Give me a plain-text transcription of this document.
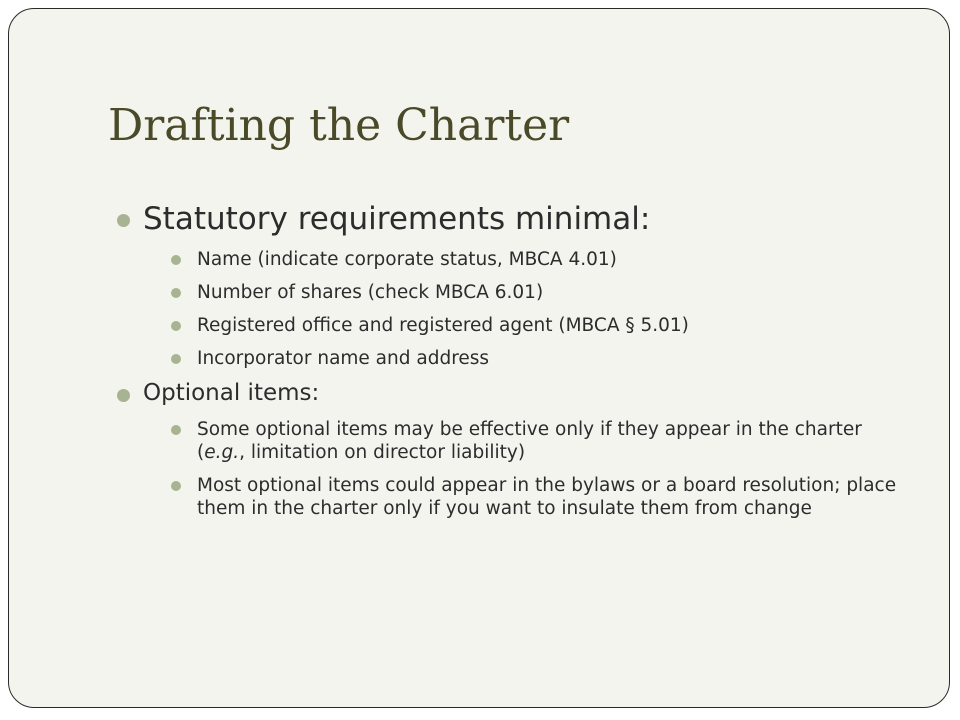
Drafting the Charter
Statutory requirements minimal:
Name (indicate corporate status, MBCA 4.01)
Number of shares (check MBCA 6.01)
Registered office and registered agent (MBCA § 5.01)
Incorporator name and address
Optional items:
Some optional items may be effective only if they appear in the charter (e.g., limitation on director liability)
Most optional items could appear in the bylaws or a board resolution; place them in the charter only if you want to insulate them from change
